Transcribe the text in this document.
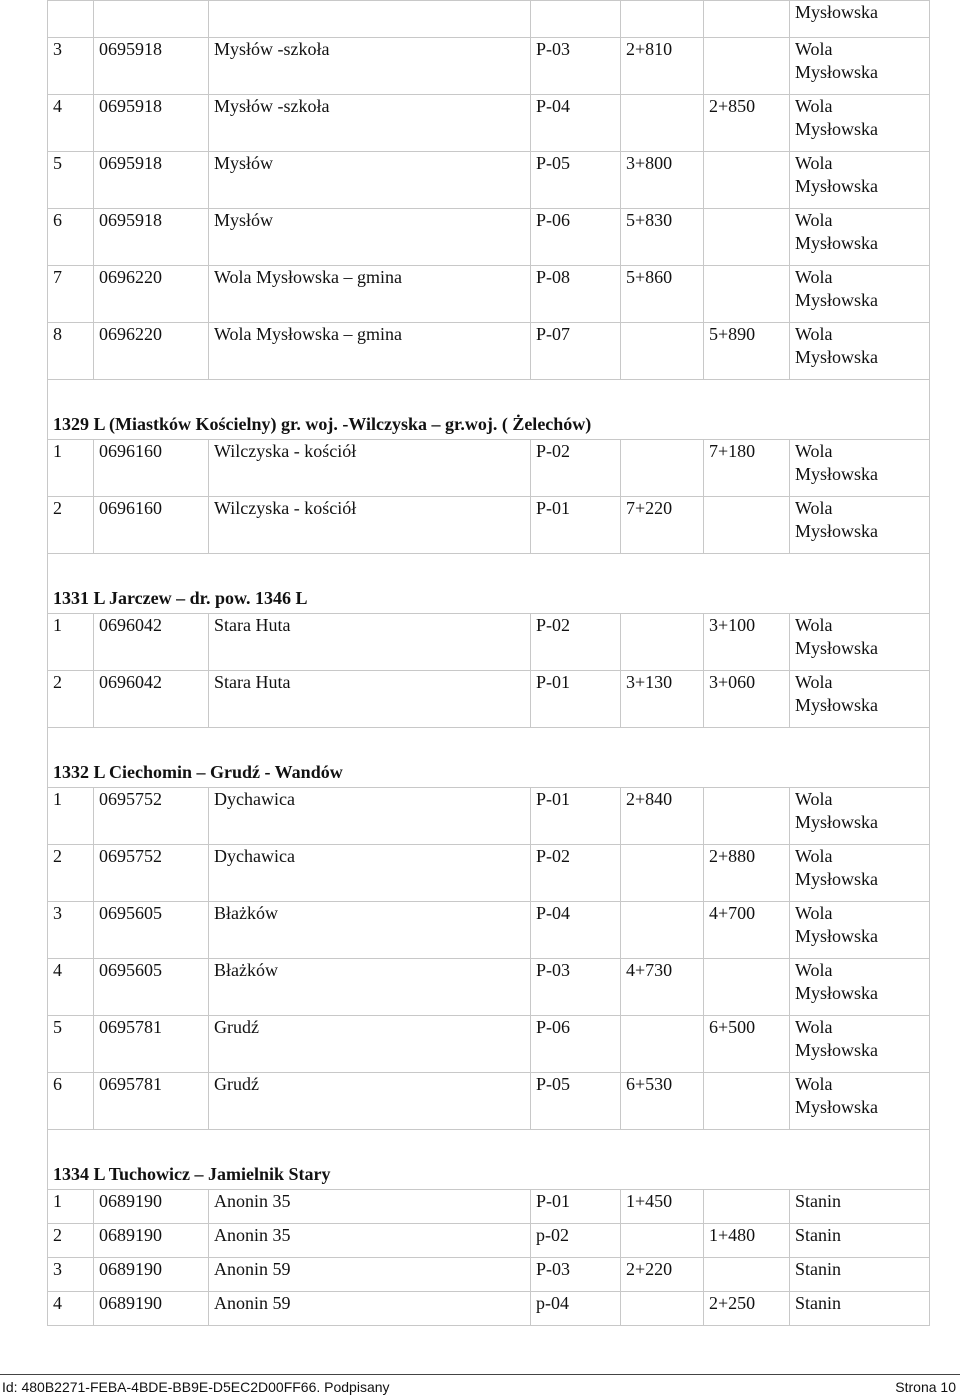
						Mysłowska
3	0695918	Mysłów -szkoła	P-03	2+810		Wola
Mysłowska

4	0695918	Mysłów -szkoła	P-04		2+850	Wola
Mysłowska

5	0695918	Mysłów	P-05	3+800		Wola
Mysłowska

6	0695918	Mysłów	P-06	5+830		Wola
Mysłowska

7	0696220	Wola Mysłowska – gmina	P-08	5+860		Wola
Mysłowska

8	0696220	Wola Mysłowska – gmina	P-07		5+890	Wola
Mysłowska

1329 L (Miastków Kościelny) gr. woj. -Wilczyska – gr.woj. ( Żelechów)						
1	0696160	Wilczyska - kościół	P-02		7+180	Wola
Mysłowska

2	0696160	Wilczyska - kościół	P-01	7+220		Wola
Mysłowska

1331 L Jarczew – dr. pow. 1346 L						
1	0696042	Stara Huta	P-02		3+100	Wola
Mysłowska

2	0696042	Stara Huta	P-01	3+130	3+060	Wola
Mysłowska

1332 L Ciechomin – Grudź - Wandów						
1	0695752	Dychawica	P-01	2+840		Wola
Mysłowska

2	0695752	Dychawica	P-02		2+880	Wola
Mysłowska

3	0695605	Błażków	P-04		4+700	Wola
Mysłowska

4	0695605	Błażków	P-03	4+730		Wola
Mysłowska

5	0695781	Grudź	P-06		6+500	Wola
Mysłowska

6	0695781	Grudź	P-05	6+530		Wola
Mysłowska

1334 L Tuchowicz – Jamielnik Stary						
1	0689190	Anonin 35	P-01	1+450		Stanin

2	0689190	Anonin 35	p-02		1+480	Stanin

3	0689190	Anonin 59	P-03	2+220		Stanin

4	0689190	Anonin 59	p-04		2+250	Stanin
Id: 480B2271-FEBA-4BDE-BB9E-D5EC2D00FF66. Podpisany	Strona 10
